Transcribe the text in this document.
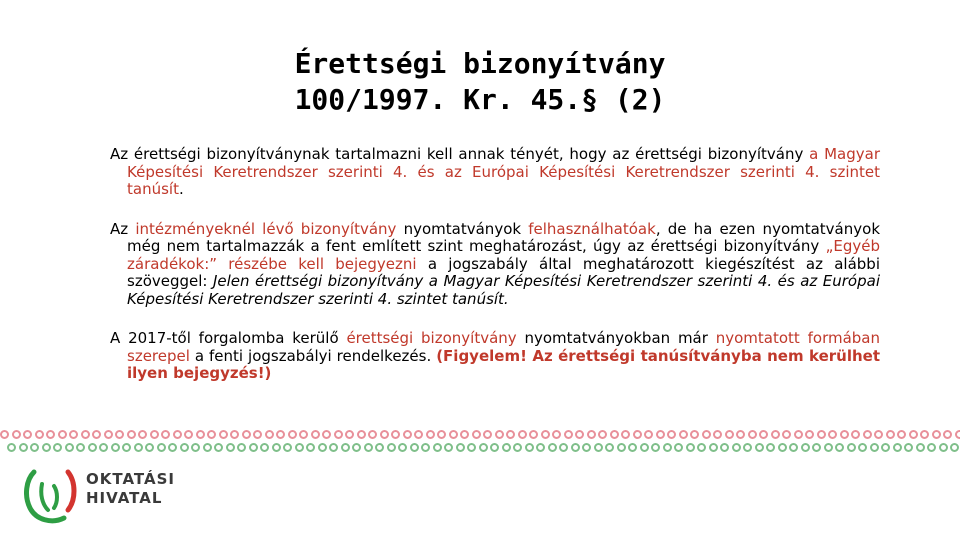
Érettségi bizonyítvány
100/1997. Kr. 45.§ (2)

Az érettségi bizonyítványnak tartalmazni kell annak tényét, hogy az érettségi bizonyítvány a Magyar Képesítési Keretrendszer szerinti 4. és az Európai Képesítési Keretrendszer szerinti 4. szintet tanúsít.

Az intézményeknél lévő bizonyítvány nyomtatványok felhasználhatóak, de ha ezen nyomtatványok még nem tartalmazzák a fent említett szint meghatározást, úgy az érettségi bizonyítvány „Egyéb záradékok:” részébe kell bejegyezni a jogszabály által meghatározott kiegészítést az alábbi szöveggel: Jelen érettségi bizonyítvány a Magyar Képesítési Keretrendszer szerinti 4. és az Európai Képesítési Keretrendszer szerinti 4. szintet tanúsít.

A 2017-től forgalomba kerülő érettségi bizonyítvány nyomtatványokban már nyomtatott formában szerepel a fenti jogszabályi rendelkezés. (Figyelem! Az érettségi tanúsítványba nem kerülhet ilyen bejegyzés!)

OKTATÁSI
HIVATAL
